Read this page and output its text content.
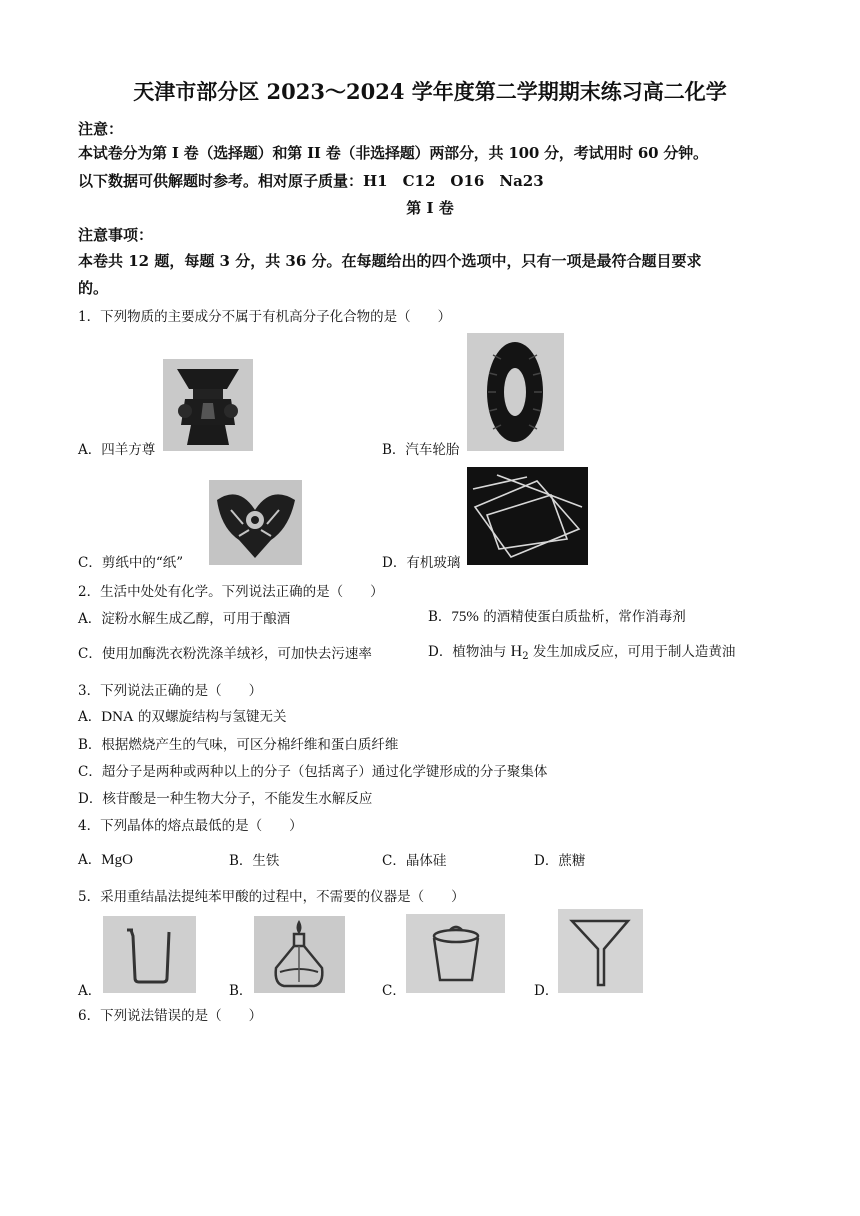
天津市部分区 2023～2024 学年度第二学期期末练习高二化学
注意：
本试卷分为第 I 卷（选择题）和第 II 卷（非选择题）两部分，共 100 分，考试用时 60 分钟。
以下数据可供解题时参考。相对原子质量：H1　C12　O16　Na23
第 I 卷
注意事项：
本卷共 12 题，每题 3 分，共 36 分。在每题给出的四个选项中，只有一项是最符合题目要求
的。
1．下列物质的主要成分不属于有机高分子化合物的是（　　）
A．四羊方尊	B．汽车轮胎
C．剪纸中的“纸”	D．有机玻璃
2．生活中处处有化学。下列说法正确的是（　　）
A．淀粉水解生成乙醇，可用于酿酒	B．75% 的酒精使蛋白质盐析，常作消毒剂
C．使用加酶洗衣粉洗涤羊绒衫，可加快去污速率	D．植物油与 $H_2$ 发生加成反应，可用于制人造黄油
3．下列说法正确的是（　　）
A．DNA 的双螺旋结构与氢键无关
B．根据燃烧产生的气味，可区分棉纤维和蛋白质纤维
C．超分子是两种或两种以上的分子（包括离子）通过化学键形成的分子聚集体
D．核苷酸是一种生物大分子，不能发生水解反应
4．下列晶体的熔点最低的是（　　）
A．MgO	B．生铁	C．晶体硅	D．蔗糖
5．采用重结晶法提纯苯甲酸的过程中，不需要的仪器是（　　）
A．	B．	C．	D．
6．下列说法错误的是（　　）
